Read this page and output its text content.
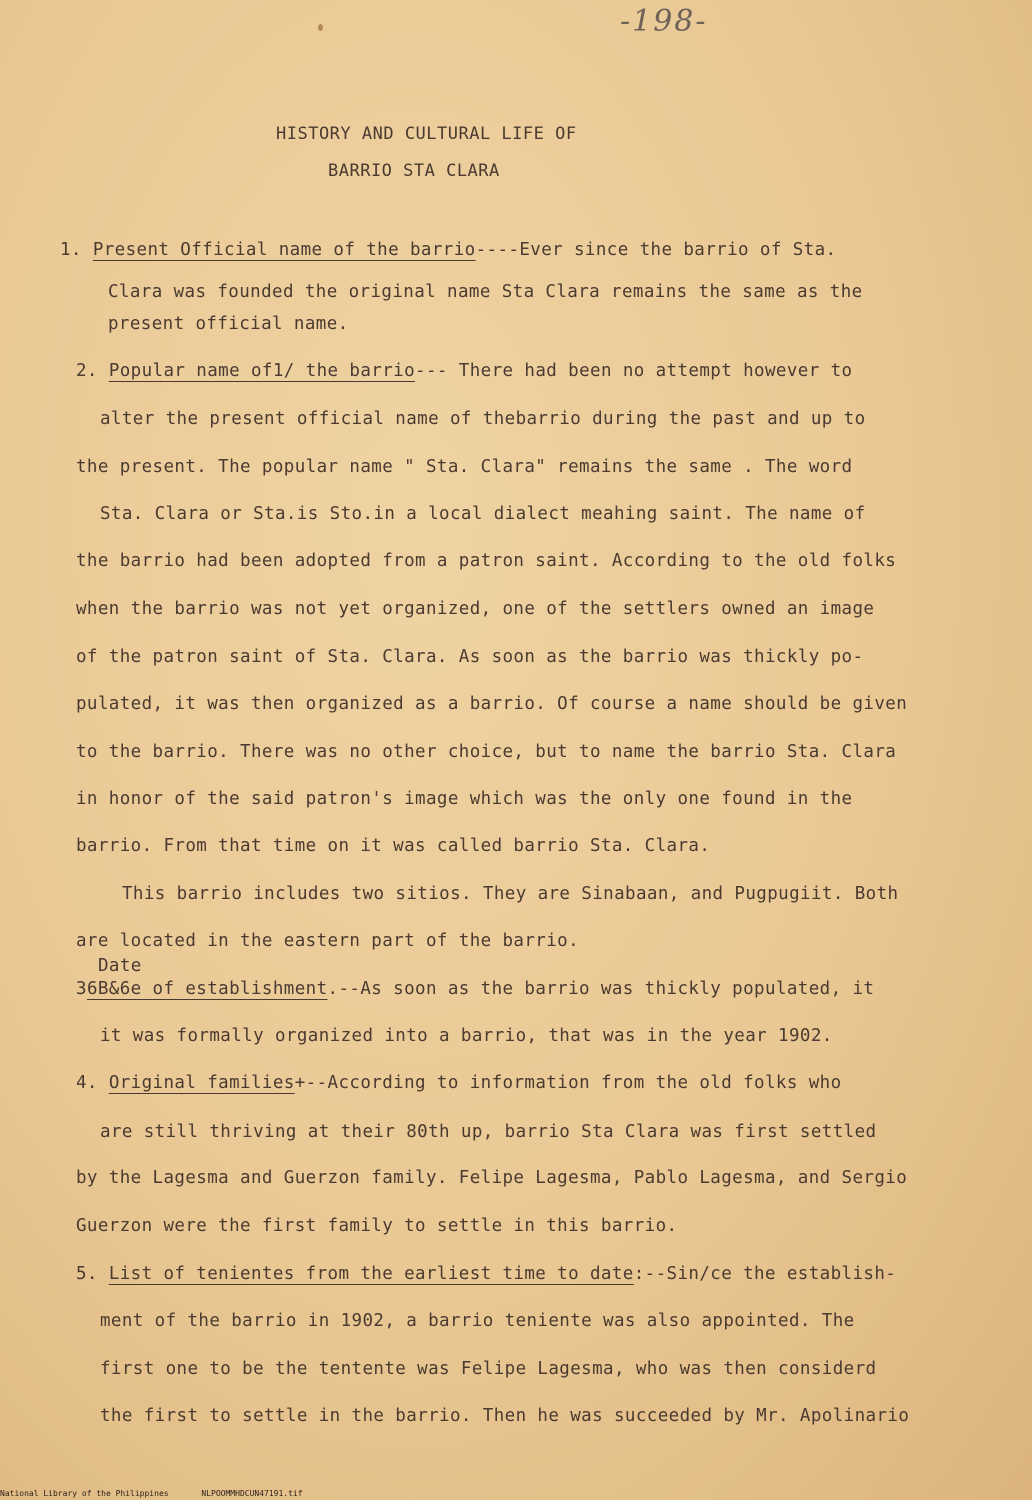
-198-
HISTORY AND CULTURAL LIFE OF
BARRIO STA CLARA
1. Present Official name of the barrio----Ever since the barrio of Sta.
Clara was founded the original name Sta Clara remains the same as the
present official name.
2. Popular name of1/ the barrio--- There had been no attempt however to
alter the present official name of thebarrio during the past and up to
the present. The popular name " Sta. Clara" remains the same . The word
Sta. Clara or Sta.is Sto.in a local dialect meahing saint. The name of
the barrio had been adopted from a patron saint. According to the old folks
when the barrio was not yet organized, one of the settlers owned an image
of the patron saint of Sta. Clara. As soon as the barrio was thickly po-
pulated, it was then organized as a barrio. Of course a name should be given
to the barrio. There was no other choice, but to name the barrio Sta. Clara
in honor of the said patron's image which was the only one found in the
barrio. From that time on it was called barrio Sta. Clara.
This barrio includes two sitios. They are Sinabaan, and Pugpugiit. Both
are located in the eastern part of the barrio.
Date
36B&6e of establishment.--As soon as the barrio was thickly populated, it
it was formally organized into a barrio, that was in the year 1902.
4. Original families+--According to information from the old folks who
are still thriving at their 80th up, barrio Sta Clara was first settled
by the Lagesma and Guerzon family. Felipe Lagesma, Pablo Lagesma, and Sergio
Guerzon were the first family to settle in this barrio.
5. List of tenientes from the earliest time to date:--Sin/ce the establish-
ment of the barrio in 1902, a barrio teniente was also appointed. The
first one to be the tentente was Felipe Lagesma, who was then considerd
the first to settle in the barrio. Then he was succeeded by Mr. Apolinario
National Library of the Philippines	NLPOOMMHDCUN47191.tif
